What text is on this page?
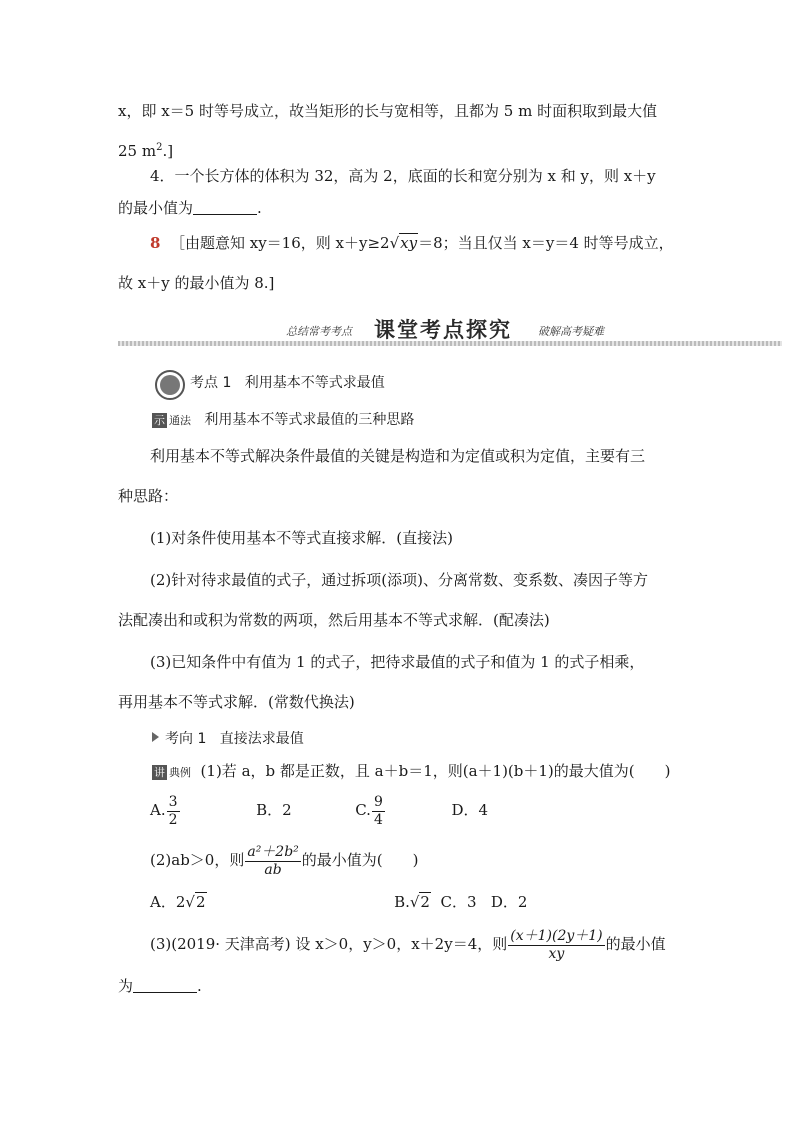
x，即 x＝5 时等号成立，故当矩形的长与宽相等，且都为 5 m 时面积取到最大值
25 $m^2$.]
4．一个长方体的体积为 32，高为 2，底面的长和宽分别为 x 和 y，则 x＋y
的最小值为	.
8 ［由题意知 xy＝16，则 x＋y≥2√xy＝8；当且仅当 x＝y＝4 时等号成立，
故 x＋y 的最小值为 8.]
总结常考考点 课堂考点探究 破解高考疑难
考点 1 利用基本不等式求最值
示 通法 利用基本不等式求最值的三种思路
利用基本不等式解决条件最值的关键是构造和为定值或积为定值，主要有三
种思路：
(1)对条件使用基本不等式直接求解．(直接法)
(2)针对待求最值的式子，通过拆项(添项)、分离常数、变系数、凑因子等方
法配凑出和或积为常数的两项，然后用基本不等式求解．(配凑法)
(3)已知条件中有值为 1 的式子，把待求最值的式子和值为 1 的式子相乘，
再用基本不等式求解．(常数代换法)
考向 1 直接法求最值
讲 典例 (1)若 a，b 都是正数，且 a＋b＝1，则(a＋1)(b＋1)的最大值为(　　)
A. $\frac{3}{2}$	B．2	C. $\frac{9}{4}$	D．4
(2)ab＞0，则 $\frac{\text{a²＋2b²}}{ab}$ 的最小值为(　　)
A．2√2	B.√2 C．3 D．2
(3)(2019· 天津高考) 设 x＞0，y＞0，x＋2y＝4，则 $\frac{(x+1)(2y+1)}{xy}$ 的最小值
为	.
